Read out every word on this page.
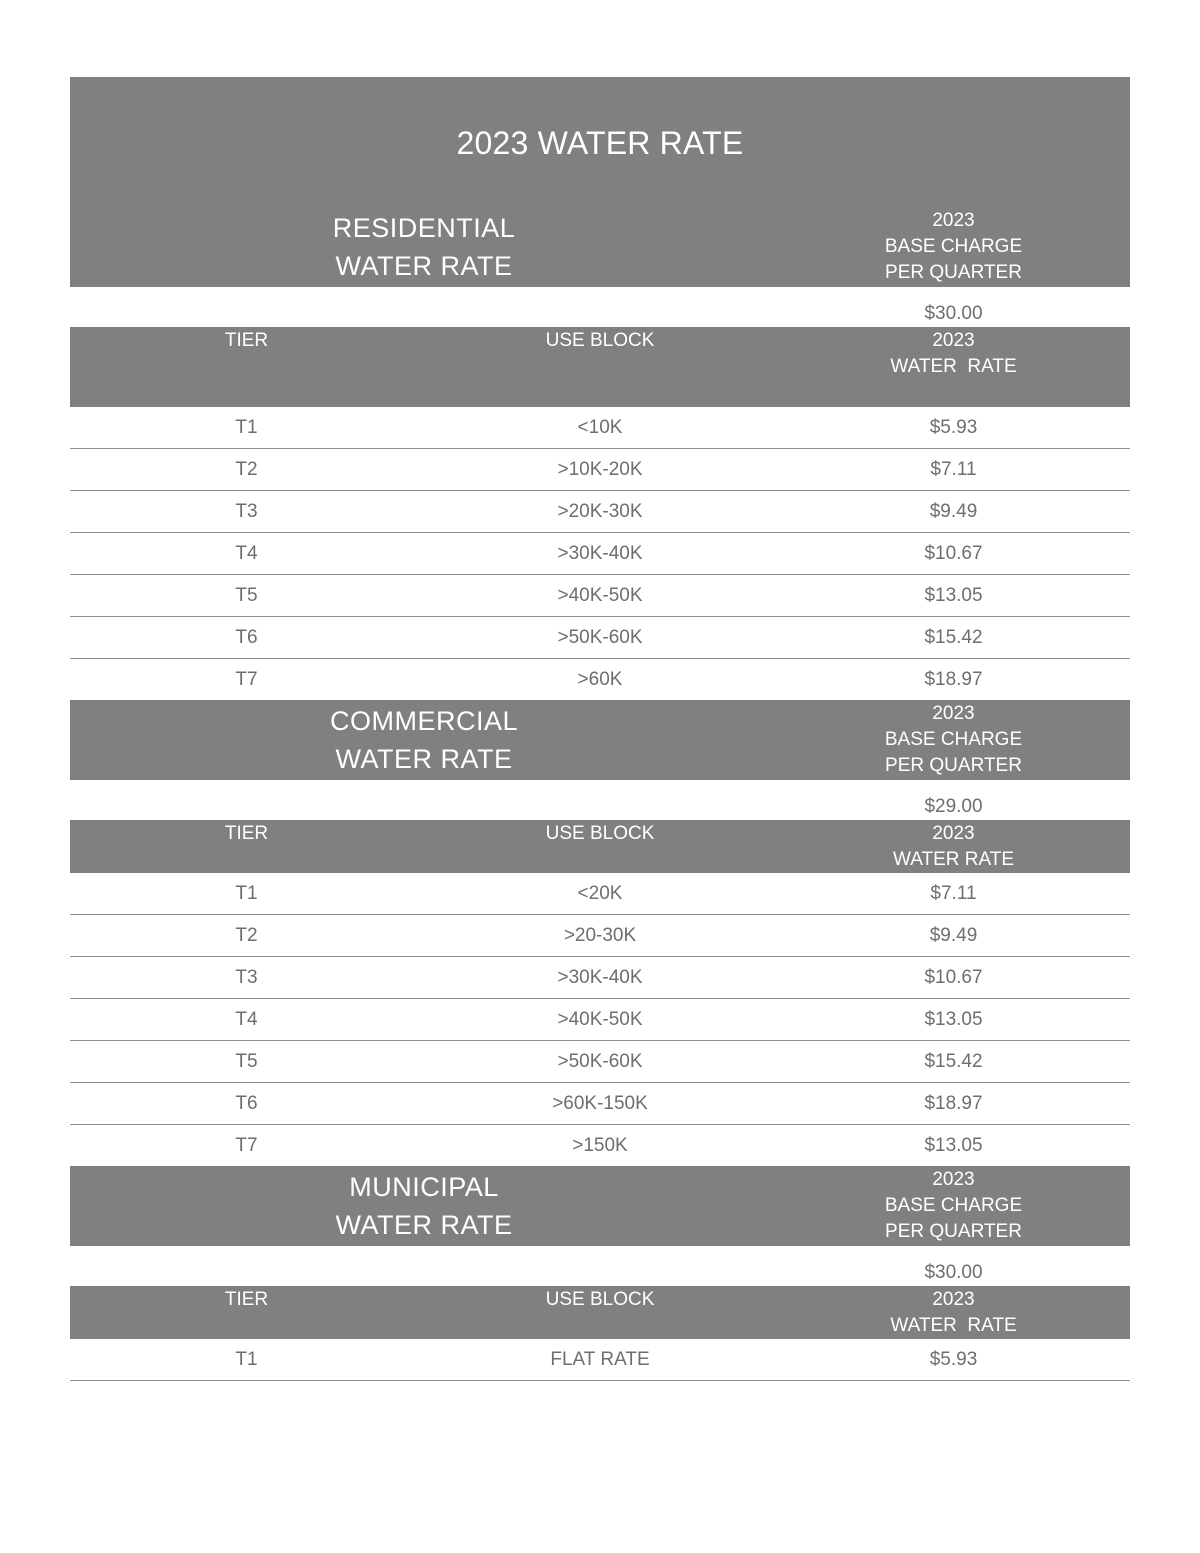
2023 WATER RATE
RESIDENTIAL
WATER RATE
2023
BASE CHARGE
PER QUARTER
$30.00
TIER	USE BLOCK	2023
WATER  RATE
T1	<10K	$5.93
T2	>10K-20K	$7.11
T3	>20K-30K	$9.49
T4	>30K-40K	$10.67
T5	>40K-50K	$13.05
T6	>50K-60K	$15.42
T7	>60K	$18.97
COMMERCIAL
WATER RATE
2023
BASE CHARGE
PER QUARTER
$29.00
TIER	USE BLOCK	2023
WATER RATE
T1	<20K	$7.11
T2	>20-30K	$9.49
T3	>30K-40K	$10.67
T4	>40K-50K	$13.05
T5	>50K-60K	$15.42
T6	>60K-150K	$18.97
T7	>150K	$13.05
MUNICIPAL
WATER RATE
2023
BASE CHARGE
PER QUARTER
$30.00
TIER	USE BLOCK	2023
WATER  RATE
T1	FLAT RATE	$5.93
